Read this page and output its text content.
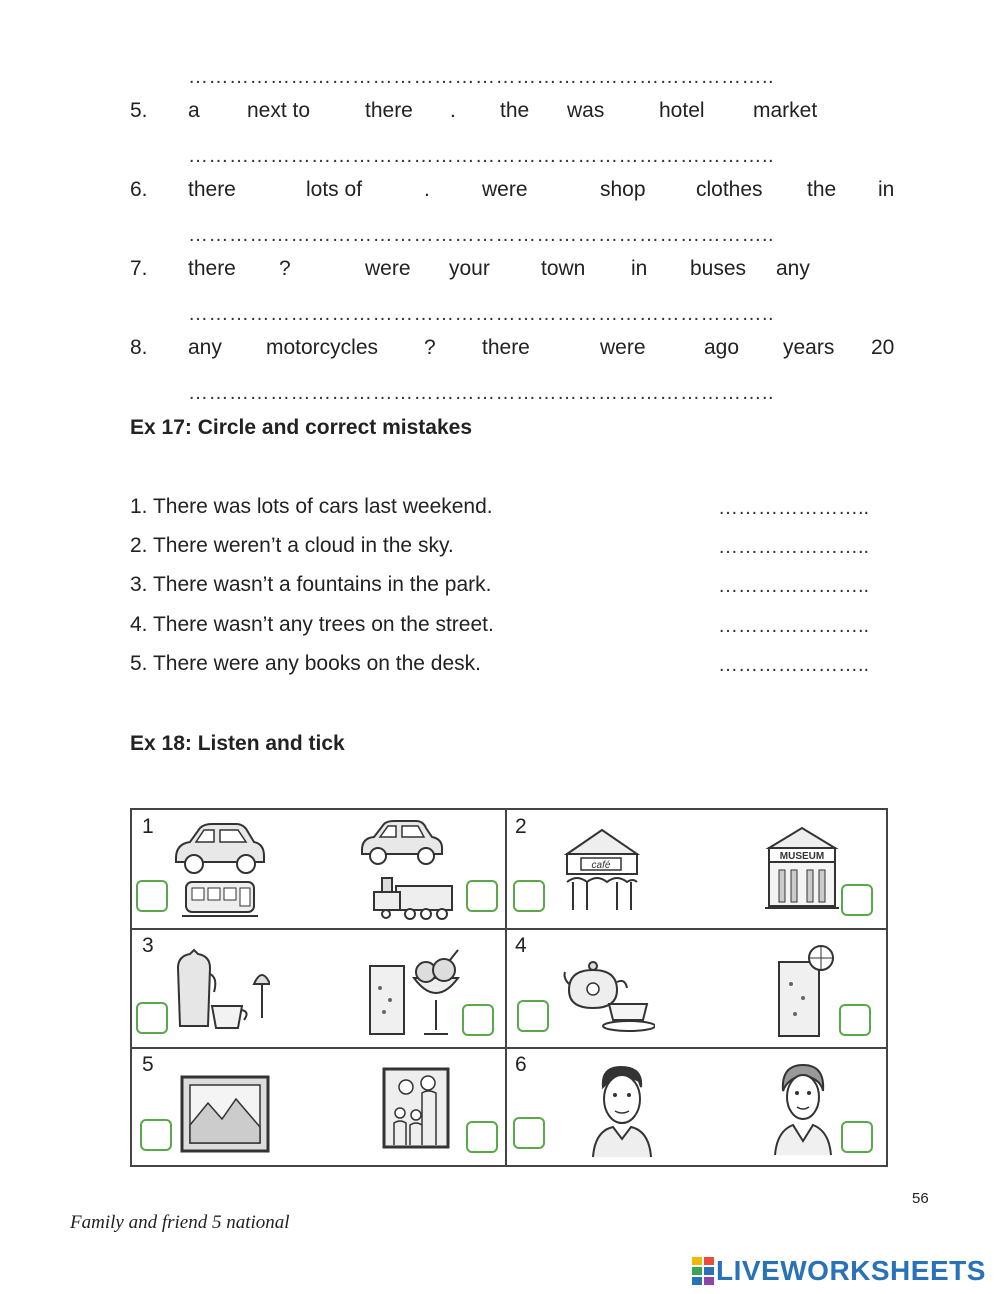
…………………………………………………………………………..
5. a next to	there . the was	hotel market
…………………………………………………………………………..
6. there	lots of	. were	shop clothes the in
…………………………………………………………………………..
7. there ?	were your town in buses any
…………………………………………………………………………..
8. any motorcycles ? there	were	ago years 20
…………………………………………………………………………..
Ex 17: Circle and correct mistakes
1. There was lots of cars last weekend.	…………………..
2. There weren’t a cloud in the sky.	…………………..
3. There wasn’t a fountains in the park.	…………………..
4. There wasn’t any trees on the street.	…………………..
5. There were any books on the desk.	…………………..
Ex 18: Listen and tick
1	2
café
MUSEUM
3	4
5	6
56
Family and friend 5 national
LIVEWORKSHEETS
